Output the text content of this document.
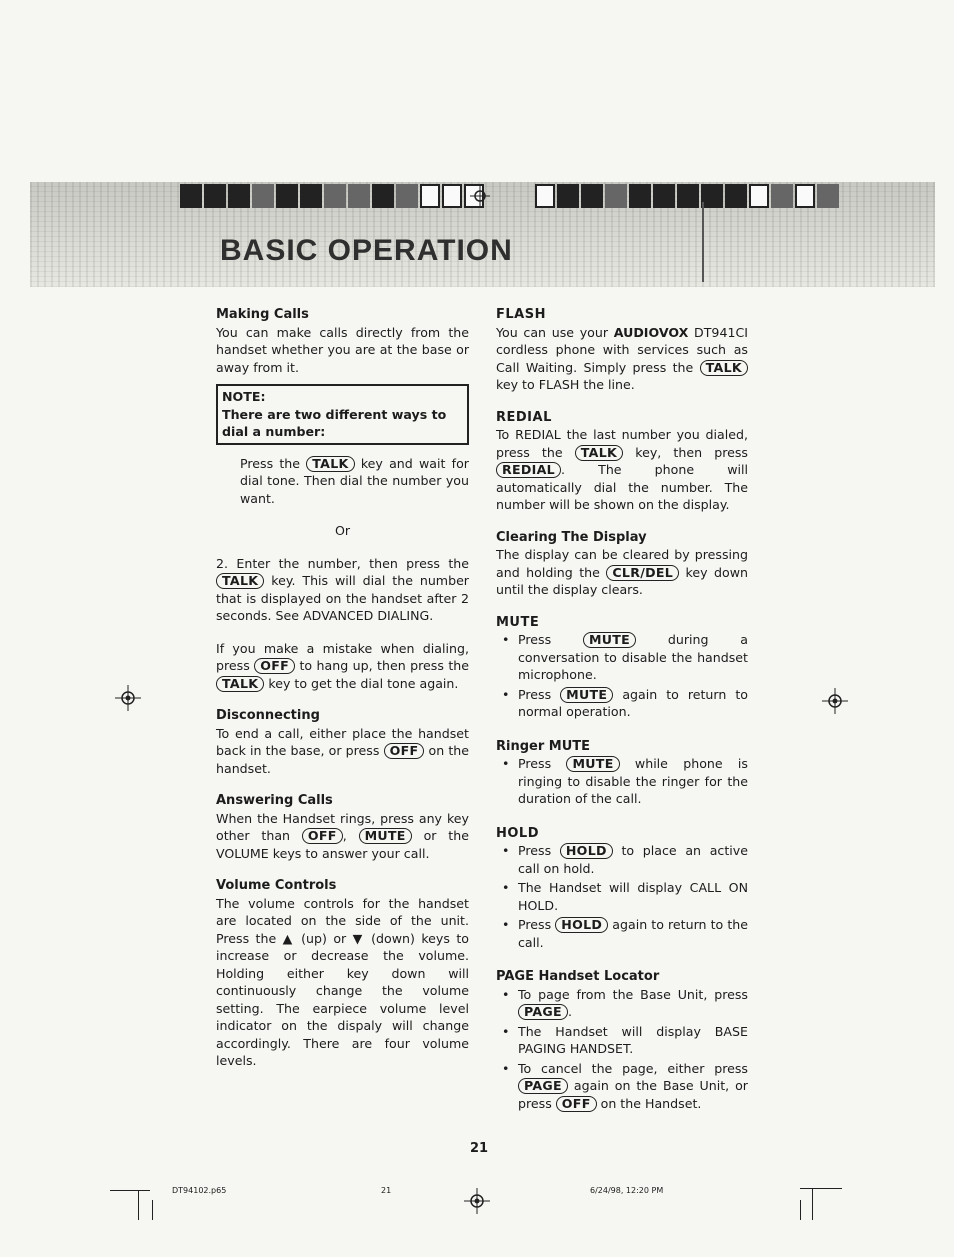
BASIC OPERATION
Making Calls

You can make calls directly from the handset whether you are at the base or away from it.

NOTE:
There are two different ways to dial a number:

Press the TALK key and wait for dial tone. Then dial the number you want.

Or

2. Enter the number, then press the TALK key. This will dial the number that is displayed on the handset after 2 seconds. See ADVANCED DIALING.

If you make a mistake when dialing, press OFF to hang up, then press the TALK key to get the dial tone again.

Disconnecting

To end a call, either place the handset back in the base, or press OFF on the handset.

Answering Calls

When the Handset rings, press any key other than OFF , MUTE or the VOLUME keys to answer your call.

Volume Controls

The volume controls for the handset are located on the side of the unit. Press the ▲ (up) or ▼ (down) keys to increase or decrease the volume. Holding either key down will continuously change the volume setting. The earpiece volume level indicator on the dispaly will change accordingly. There are four volume levels.

FLASH

You can use your AUDIOVOX DT941CI cordless phone with services such as Call Waiting. Simply press the TALK key to FLASH the line.

REDIAL

To REDIAL the last number you dialed, press the TALK key, then press REDIAL . The phone will automatically dial the number. The number will be shown on the display.

Clearing The Display

The display can be cleared by pressing and holding the CLR/DEL key down until the display clears.

MUTE
• Press	MUTE	during a conversation to disable the handset microphone.
• Press MUTE again to return to normal operation.
Ringer MUTE
• Press MUTE while phone is ringing to disable the ringer for the duration of the call.
HOLD
• Press HOLD to place an active call on hold.
• The Handset will display CALL ON HOLD.
• Press HOLD again to return to the call.
PAGE Handset Locator
• To page from the Base Unit, press PAGE .
• The Handset will display BASE PAGING HANDSET.
• To cancel the page, either press PAGE again on the Base Unit, or press OFF on the Handset.
21
DT94102.p65	21	6/24/98, 12:20 PM
